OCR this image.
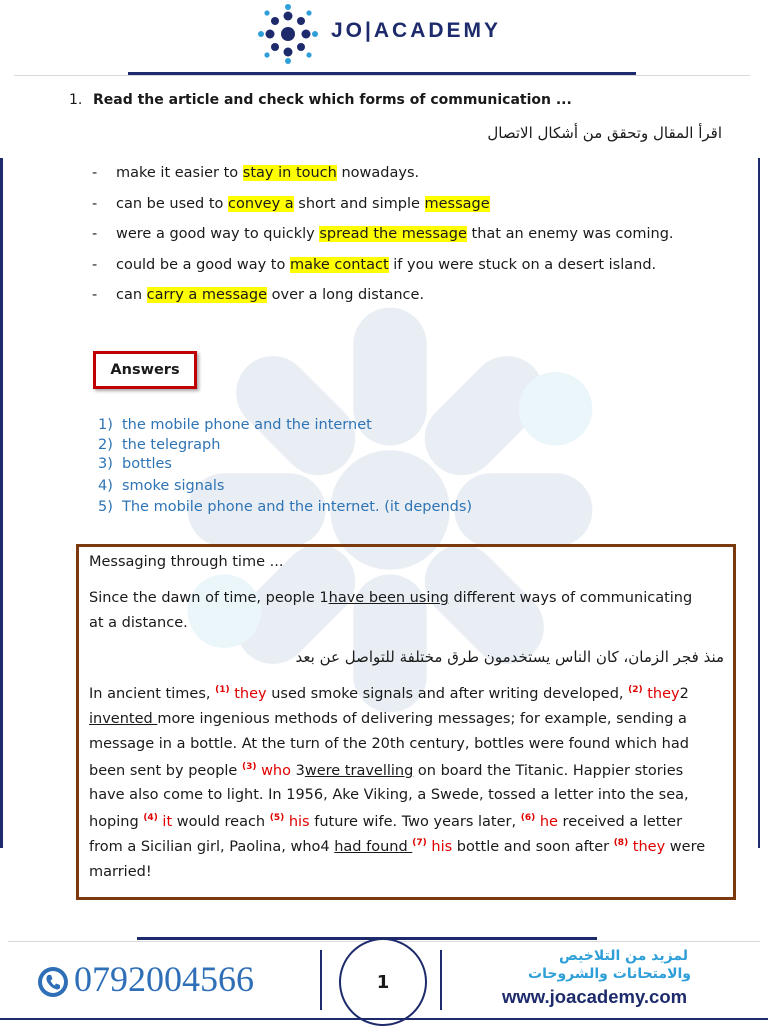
JO|ACADEMY
1. Read the article and check which forms of communication ...
اقرأ المقال وتحقق من أشكال الاتصال
- make it easier to stay in touch nowadays.
- can be used to convey a short and simple message
- were a good way to quickly spread the message that an enemy was coming.
- could be a good way to make contact if you were stuck on a desert island.
- can carry a message over a long distance.
Answers
1) the mobile phone and the internet
2) the telegraph
3) bottles
4) smoke signals
5) The mobile phone and the internet. (it depends)
Messaging through time ...
Since the dawn of time, people 1have been using different ways of communicating
at a distance.
منذ فجر الزمان، كان الناس يستخدمون طرق مختلفة للتواصل عن بعد
In ancient times, $^{(1)}$ they used smoke signals and after writing developed, $^{(2)}$ they2
invented more ingenious methods of delivering messages; for example, sending a
message in a bottle. At the turn of the 20th century, bottles were found which had
been sent by people $^{(3)}$ who 3were travelling on board the Titanic. Happier stories
have also come to light. In 1956, Ake Viking, a Swede, tossed a letter into the sea,
hoping $^{(4)}$ it would reach $^{(5)}$ his future wife. Two years later, $^{(6)}$ he received a letter
from a Sicilian girl, Paolina, who4 had found $^{(7)}$ his bottle and soon after $^{(8)}$ they were
married!
0792004566	1
لمزيد من التلاخيص
والامتحانات والشروحات
www.joacademy.com
